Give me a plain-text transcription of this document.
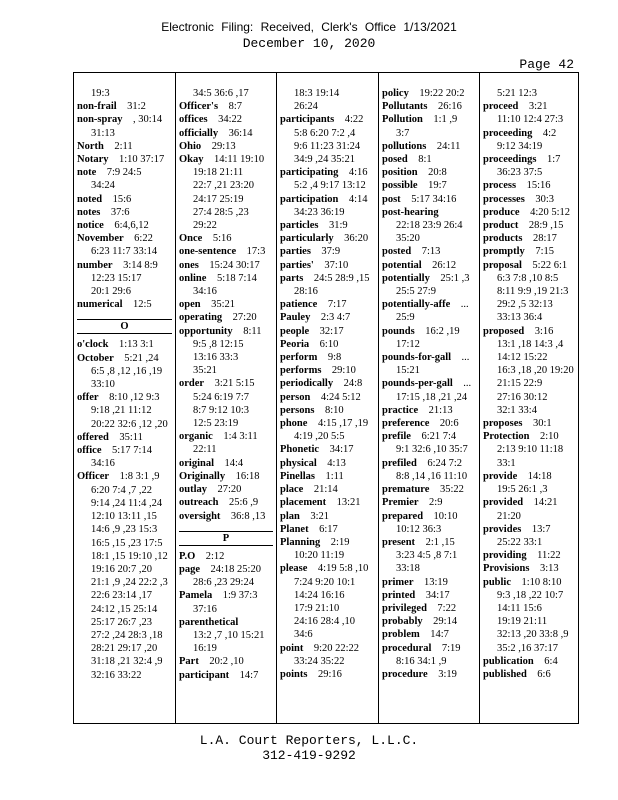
Electronic Filing: Received, Clerk's Office 1/13/2021
December 10, 2020
Page 42
19:3
non-frail  31:2
non-spray  , 30:14
31:13
North  2:11
Notary  1:10 37:17
note  7:9 24:5
34:24
noted  15:6
notes  37:6
notice  6:4,6,12
November  6:22
6:23 11:7 33:14
number  3:14 8:9
12:23 15:17
20:1 29:6
numerical  12:5
O
o'clock  1:13 3:1
October  5:21 ,24
6:5 ,8 ,12 ,16 ,19
33:10
offer  8:10 ,12 9:3
9:18 ,21 11:12
20:22 32:6 ,12 ,20
offered  35:11
office  5:17 7:14
34:16
Officer  1:8 3:1 ,9
6:20 7:4 ,7 ,22
9:14 ,24 11:4 ,24
12:10 13:11 ,15
14:6 ,9 ,23 15:3
16:5 ,15 ,23 17:5
18:1 ,15 19:10 ,12
19:16 20:7 ,20
21:1 ,9 ,24 22:2 ,3
22:6 23:14 ,17
24:12 ,15 25:14
25:17 26:7 ,23
27:2 ,24 28:3 ,18
28:21 29:17 ,20
31:18 ,21 32:4 ,9
32:16 33:22
34:5 36:6 ,17
Officer's  8:7
offices  34:22
officially  36:14
Ohio  29:13
Okay  14:11 19:10
19:18 21:11
22:7 ,21 23:20
24:17 25:19
27:4 28:5 ,23
29:22
Once  5:16
one-sentence  17:3
ones  15:24 30:17
online  5:18 7:14
34:16
open  35:21
operating  27:20
opportunity  8:11
9:5 ,8 12:15
13:16 33:3
35:21
order  3:21 5:15
5:24 6:19 7:7
8:7 9:12 10:3
12:5 23:19
organic  1:4 3:11
22:11
original  14:4
Originally  16:18
outlay  27:20
outreach  25:6 ,9
oversight  36:8 ,13
P
P.O  2:12
page  24:18 25:20
28:6 ,23 29:24
Pamela  1:9 37:3
37:16
parenthetical 
13:2 ,7 ,10 15:21
16:19
Part  20:2 ,10
participant  14:7
18:3 19:14
26:24
participants  4:22
5:8 6:20 7:2 ,4
9:6 11:23 31:24
34:9 ,24 35:21
participating  4:16
5:2 ,4 9:17 13:12
participation  4:14
34:23 36:19
particles  31:9
particularly  36:20
parties  37:9
parties'  37:10
parts  24:5 28:9 ,15
28:16
patience  7:17
Pauley  2:3 4:7
people  32:17
Peoria  6:10
perform  9:8
performs  29:10
periodically  24:8
person  4:24 5:12
persons  8:10
phone  4:15 ,17 ,19
4:19 ,20 5:5
Phonetic  34:17
physical  4:13
Pinellas  1:11
place  21:14
placement  13:21
plan  3:21
Planet  6:17
Planning  2:19
10:20 11:19
please  4:19 5:8 ,10
7:24 9:20 10:1
14:24 16:16
17:9 21:10
24:16 28:4 ,10
34:6
point  9:20 22:22
33:24 35:22
points  29:16
policy  19:22 20:2
Pollutants  26:16
Pollution  1:1 ,9
3:7
pollutions  24:11
posed  8:1
position  20:8
possible  19:7
post  5:17 34:16
post-hearing 
22:18 23:9 26:4
35:20
posted  7:13
potential  26:12
potentially  25:1 ,3
25:5 27:9
potentially-affe  ...
25:9
pounds  16:2 ,19
17:12
pounds-for-gall  ...
15:21
pounds-per-gall  ...
17:15 ,18 ,21 ,24
practice  21:13
preference  20:6
prefile  6:21 7:4
9:1 32:6 ,10 35:7
prefiled  6:24 7:2
8:8 ,14 ,16 11:10
premature  35:22
Premier  2:9
prepared  10:10
10:12 36:3
present  2:1 ,15
3:23 4:5 ,8 7:1
33:18
primer  13:19
printed  34:17
privileged  7:22
probably  29:14
problem  14:7
procedural  7:19
8:16 34:1 ,9
procedure  3:19
5:21 12:3
proceed  3:21
11:10 12:4 27:3
proceeding  4:2
9:12 34:19
proceedings  1:7
36:23 37:5
process  15:16
processes  30:3
produce  4:20 5:12
product  28:9 ,15
products  28:17
promptly  7:15
proposal  5:22 6:1
6:3 7:8 ,10 8:5
8:11 9:9 ,19 21:3
29:2 ,5 32:13
33:13 36:4
proposed  3:16
13:1 ,18 14:3 ,4
14:12 15:22
16:3 ,18 ,20 19:20
21:15 22:9
27:16 30:12
32:1 33:4
proposes  30:1
Protection  2:10
2:13 9:10 11:18
33:1
provide  14:18
19:5 26:1 ,3
provided  14:21
21:20
provides  13:7
25:22 33:1
providing  11:22
Provisions  3:13
public  1:10 8:10
9:3 ,18 ,22 10:7
14:11 15:6
19:19 21:11
32:13 ,20 33:8 ,9
35:2 ,16 37:17
publication  6:4
published  6:6
L.A. Court Reporters, L.L.C.
312-419-9292
